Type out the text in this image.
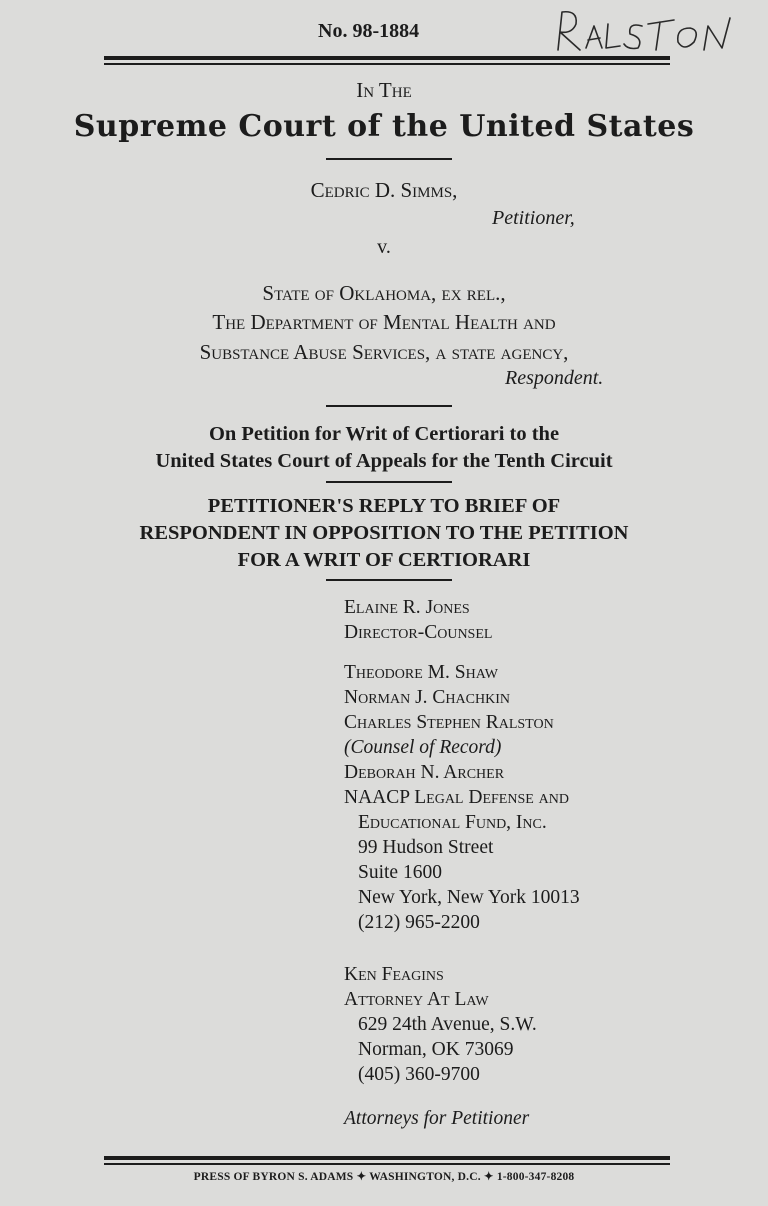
No. 98-1884
In The
Supreme Court of the United States
Cedric D. Simms,
Petitioner,
v.
State of Oklahoma, ex rel.,
The Department of Mental Health and
Substance Abuse Services, a state agency,
Respondent.
On Petition for Writ of Certiorari to the
United States Court of Appeals for the Tenth Circuit
PETITIONER'S REPLY TO BRIEF OF
RESPONDENT IN OPPOSITION TO THE PETITION
FOR A WRIT OF CERTIORARI
Elaine R. Jones
Director-Counsel
Theodore M. Shaw
Norman J. Chachkin
Charles Stephen Ralston
(Counsel of Record)
Deborah N. Archer
NAACP Legal Defense and
Educational Fund, Inc.
99 Hudson Street
Suite 1600
New York, New York 10013
(212) 965-2200
Ken Feagins
Attorney At Law
629 24th Avenue, S.W.
Norman, OK 73069
(405) 360-9700
Attorneys for Petitioner
PRESS OF BYRON S. ADAMS ✦ WASHINGTON, D.C. ✦ 1-800-347-8208
